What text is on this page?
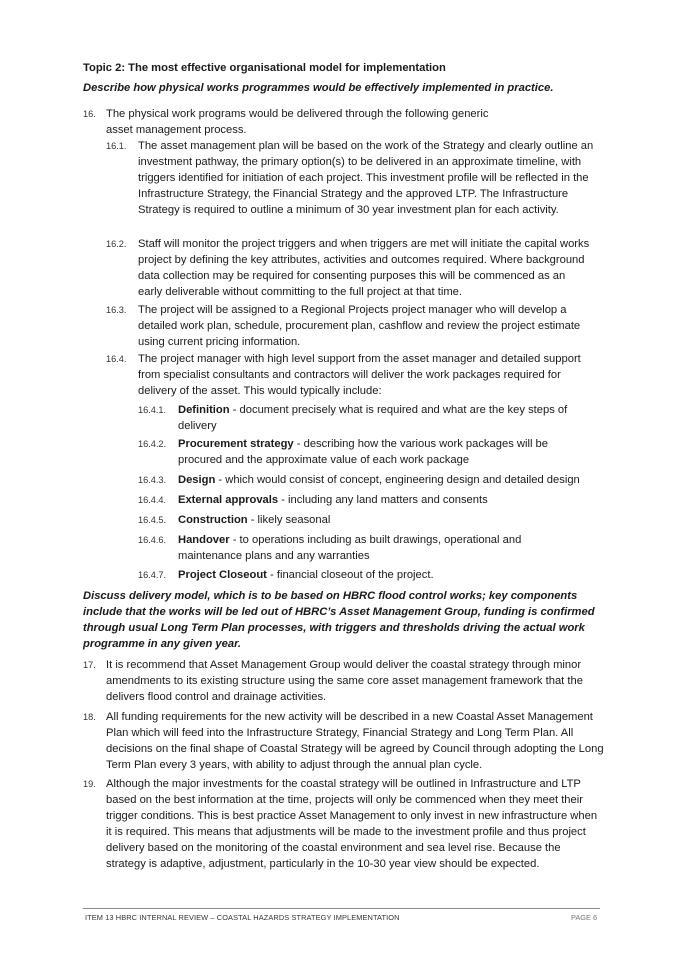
Topic 2: The most effective organisational model for implementation
Describe how physical works programmes would be effectively implemented in practice.
16. The physical work programs would be delivered through the following generic asset management process.
16.1. The asset management plan will be based on the work of the Strategy and clearly outline an investment pathway, the primary option(s) to be delivered in an approximate timeline, with triggers identified for initiation of each project. This investment profile will be reflected in the Infrastructure Strategy, the Financial Strategy and the approved LTP. The Infrastructure Strategy is required to outline a minimum of 30 year investment plan for each activity.
16.2. Staff will monitor the project triggers and when triggers are met will initiate the capital works project by defining the key attributes, activities and outcomes required. Where background data collection may be required for consenting purposes this will be commenced as an early deliverable without committing to the full project at that time.
16.3. The project will be assigned to a Regional Projects project manager who will develop a detailed work plan, schedule, procurement plan, cashflow and review the project estimate using current pricing information.
16.4. The project manager with high level support from the asset manager and detailed support from specialist consultants and contractors will deliver the work packages required for delivery of the asset. This would typically include:
16.4.1. Definition - document precisely what is required and what are the key steps of delivery
16.4.2. Procurement strategy - describing how the various work packages will be procured and the approximate value of each work package
16.4.3. Design - which would consist of concept, engineering design and detailed design
16.4.4. External approvals - including any land matters and consents
16.4.5. Construction - likely seasonal
16.4.6. Handover - to operations including as built drawings, operational and maintenance plans and any warranties
16.4.7. Project Closeout - financial closeout of the project.
Discuss delivery model, which is to be based on HBRC flood control works; key components include that the works will be led out of HBRC’s Asset Management Group, funding is confirmed through usual Long Term Plan processes, with triggers and thresholds driving the actual work programme in any given year.
17. It is recommend that Asset Management Group would deliver the coastal strategy through minor amendments to its existing structure using the same core asset management framework that the delivers flood control and drainage activities.
18. All funding requirements for the new activity will be described in a new Coastal Asset Management Plan which will feed into the Infrastructure Strategy, Financial Strategy and Long Term Plan. All decisions on the final shape of Coastal Strategy will be agreed by Council through adopting the Long Term Plan every 3 years, with ability to adjust through the annual plan cycle.
19. Although the major investments for the coastal strategy will be outlined in Infrastructure and LTP based on the best information at the time, projects will only be commenced when they meet their trigger conditions. This is best practice Asset Management to only invest in new infrastructure when it is required. This means that adjustments will be made to the investment profile and thus project delivery based on the monitoring of the coastal environment and sea level rise. Because the strategy is adaptive, adjustment, particularly in the 10-30 year view should be expected.
ITEM 13 HBRC INTERNAL REVIEW – COASTAL HAZARDS STRATEGY IMPLEMENTATION	PAGE 6
